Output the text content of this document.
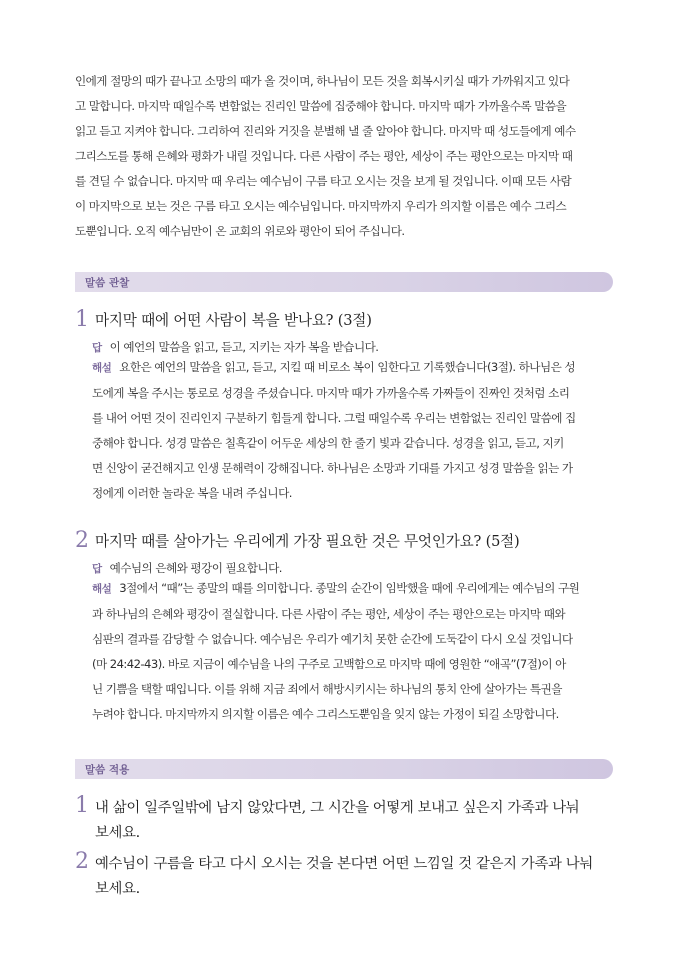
인에게 절망의 때가 끝나고 소망의 때가 올 것이며, 하나님이 모든 것을 회복시키실 때가 가까워지고 있다
고 말합니다. 마지막 때일수록 변함없는 진리인 말씀에 집중해야 합니다. 마지막 때가 가까울수록 말씀을
읽고 듣고 지켜야 합니다. 그리하여 진리와 거짓을 분별해 낼 줄 알아야 합니다. 마지막 때 성도들에게 예수
그리스도를 통해 은혜와 평화가 내릴 것입니다. 다른 사람이 주는 평안, 세상이 주는 평안으로는 마지막 때
를 견딜 수 없습니다. 마지막 때 우리는 예수님이 구름 타고 오시는 것을 보게 될 것입니다. 이때 모든 사람
이 마지막으로 보는 것은 구름 타고 오시는 예수님입니다. 마지막까지 우리가 의지할 이름은 예수 그리스
도뿐입니다. 오직 예수님만이 온 교회의 위로와 평안이 되어 주십니다.

말씀 관찰
1 마지막 때에 어떤 사람이 복을 받나요? (3절)
답 이 예언의 말씀을 읽고, 듣고, 지키는 자가 복을 받습니다.
해설 요한은 예언의 말씀을 읽고, 듣고, 지킬 때 비로소 복이 임한다고 기록했습니다(3절). 하나님은 성
도에게 복을 주시는 통로로 성경을 주셨습니다. 마지막 때가 가까울수록 가짜들이 진짜인 것처럼 소리
를 내어 어떤 것이 진리인지 구분하기 힘들게 합니다. 그럴 때일수록 우리는 변함없는 진리인 말씀에 집
중해야 합니다. 성경 말씀은 칠흑같이 어두운 세상의 한 줄기 빛과 같습니다. 성경을 읽고, 듣고, 지키
면 신앙이 굳건해지고 인생 문해력이 강해집니다. 하나님은 소망과 기대를 가지고 성경 말씀을 읽는 가
정에게 이러한 놀라운 복을 내려 주십니다.
2 마지막 때를 살아가는 우리에게 가장 필요한 것은 무엇인가요? (5절)
답 예수님의 은혜와 평강이 필요합니다.
해설 3절에서 “때”는 종말의 때를 의미합니다. 종말의 순간이 임박했을 때에 우리에게는 예수님의 구원
과 하나님의 은혜와 평강이 절실합니다. 다른 사람이 주는 평안, 세상이 주는 평안으로는 마지막 때와
심판의 결과를 감당할 수 없습니다. 예수님은 우리가 예기치 못한 순간에 도둑같이 다시 오실 것입니다
(마 24:42-43). 바로 지금이 예수님을 나의 구주로 고백함으로 마지막 때에 영원한 “애곡”(7절)이 아
닌 기쁨을 택할 때입니다. 이를 위해 지금 죄에서 해방시키시는 하나님의 통치 안에 살아가는 특권을
누려야 합니다. 마지막까지 의지할 이름은 예수 그리스도뿐임을 잊지 않는 가정이 되길 소망합니다.
말씀 적용
1 내 삶이 일주일밖에 남지 않았다면, 그 시간을 어떻게 보내고 싶은지 가족과 나눠
보세요.
2 예수님이 구름을 타고 다시 오시는 것을 본다면 어떤 느낌일 것 같은지 가족과 나눠
보세요.
